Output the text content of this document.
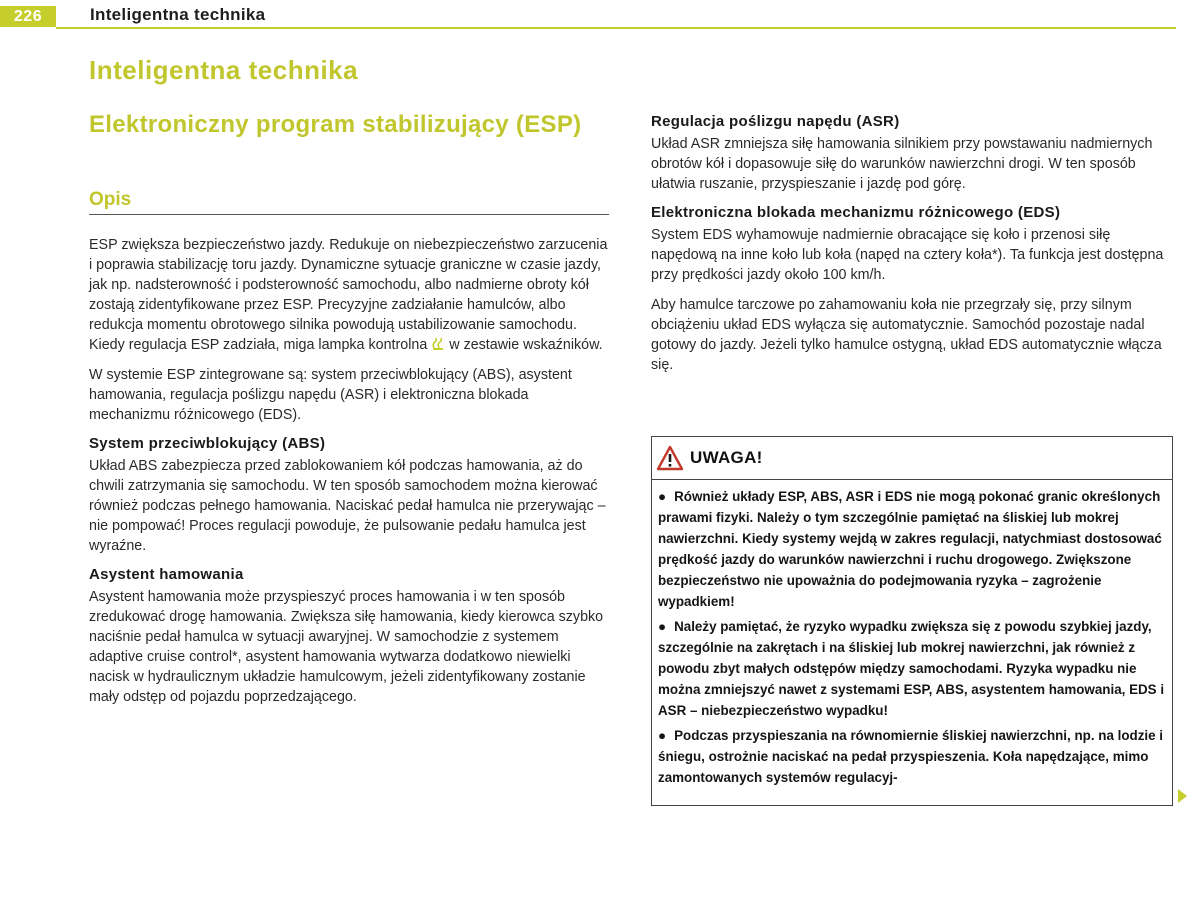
226	Inteligentna technika
Inteligentna technika
Elektroniczny program stabilizujący (ESP)
Opis

ESP zwiększa bezpieczeństwo jazdy. Redukuje on niebezpieczeństwo zarzucenia i poprawia stabilizację toru jazdy. Dynamiczne sytuacje graniczne w czasie jazdy, jak np. nadsterowność i podsterowność samochodu, albo nadmierne obroty kół zostają zidentyfikowane przez ESP. Precyzyjne zadziałanie hamulców, albo redukcja momentu obrotowego silnika powodują ustabilizowanie samochodu. Kiedy regulacja ESP zadziała, miga lampka kontrolna w zestawie wskaźników.

W systemie ESP zintegrowane są: system przeciwblokujący (ABS), asystent hamowania, regulacja poślizgu napędu (ASR) i elektroniczna blokada mechanizmu różnicowego (EDS).

System przeciwblokujący (ABS)

Układ ABS zabezpiecza przed zablokowaniem kół podczas hamowania, aż do chwili zatrzymania się samochodu. W ten sposób samochodem można kierować również podczas pełnego hamowania. Naciskać pedał hamulca nie przerywając – nie pompować! Proces regulacji powoduje, że pulsowanie pedału hamulca jest wyraźne.

Asystent hamowania

Asystent hamowania może przyspieszyć proces hamowania i w ten sposób zredukować drogę hamowania. Zwiększa siłę hamowania, kiedy kierowca szybko naciśnie pedał hamulca w sytuacji awaryjnej. W samochodzie z systemem adaptive cruise control*, asystent hamowania wytwarza dodatkowo niewielki nacisk w hydraulicznym układzie hamulcowym, jeżeli zidentyfikowany zostanie mały odstęp od pojazdu poprzedzającego.

Regulacja poślizgu napędu (ASR)

Układ ASR zmniejsza siłę hamowania silnikiem przy powstawaniu nadmiernych obrotów kół i dopasowuje siłę do warunków nawierzchni drogi. W ten sposób ułatwia ruszanie, przyspieszanie i jazdę pod górę.

Elektroniczna blokada mechanizmu różnicowego (EDS)

System EDS wyhamowuje nadmiernie obracające się koło i przenosi siłę napędową na inne koło lub koła (napęd na cztery koła*). Ta funkcja jest dostępna przy prędkości jazdy około 100 km/h.

Aby hamulce tarczowe po zahamowaniu koła nie przegrzały się, przy silnym obciążeniu układ EDS wyłącza się automatycznie. Samochód pozostaje nadal gotowy do jazdy. Jeżeli tylko hamulce ostygną, układ EDS automatycznie włącza się.

UWAGA!

● Również układy ESP, ABS, ASR i EDS nie mogą pokonać granic określonych prawami fizyki. Należy o tym szczególnie pamiętać na śliskiej lub mokrej nawierzchni. Kiedy systemy wejdą w zakres regulacji, natychmiast dostosować prędkość jazdy do warunków nawierzchni i ruchu drogowego. Zwiększone bezpieczeństwo nie upoważnia do podejmowania ryzyka – zagrożenie wypadkiem!

● Należy pamiętać, że ryzyko wypadku zwiększa się z powodu szybkiej jazdy, szczególnie na zakrętach i na śliskiej lub mokrej nawierzchni, jak również z powodu zbyt małych odstępów między samochodami. Ryzyka wypadku nie można zmniejszyć nawet z systemami ESP, ABS, asystentem hamowania, EDS i ASR – niebezpieczeństwo wypadku!

● Podczas przyspieszania na równomiernie śliskiej nawierzchni, np. na lodzie i śniegu, ostrożnie naciskać na pedał przyspieszenia. Koła napędzające, mimo zamontowanych systemów regulacyj-
